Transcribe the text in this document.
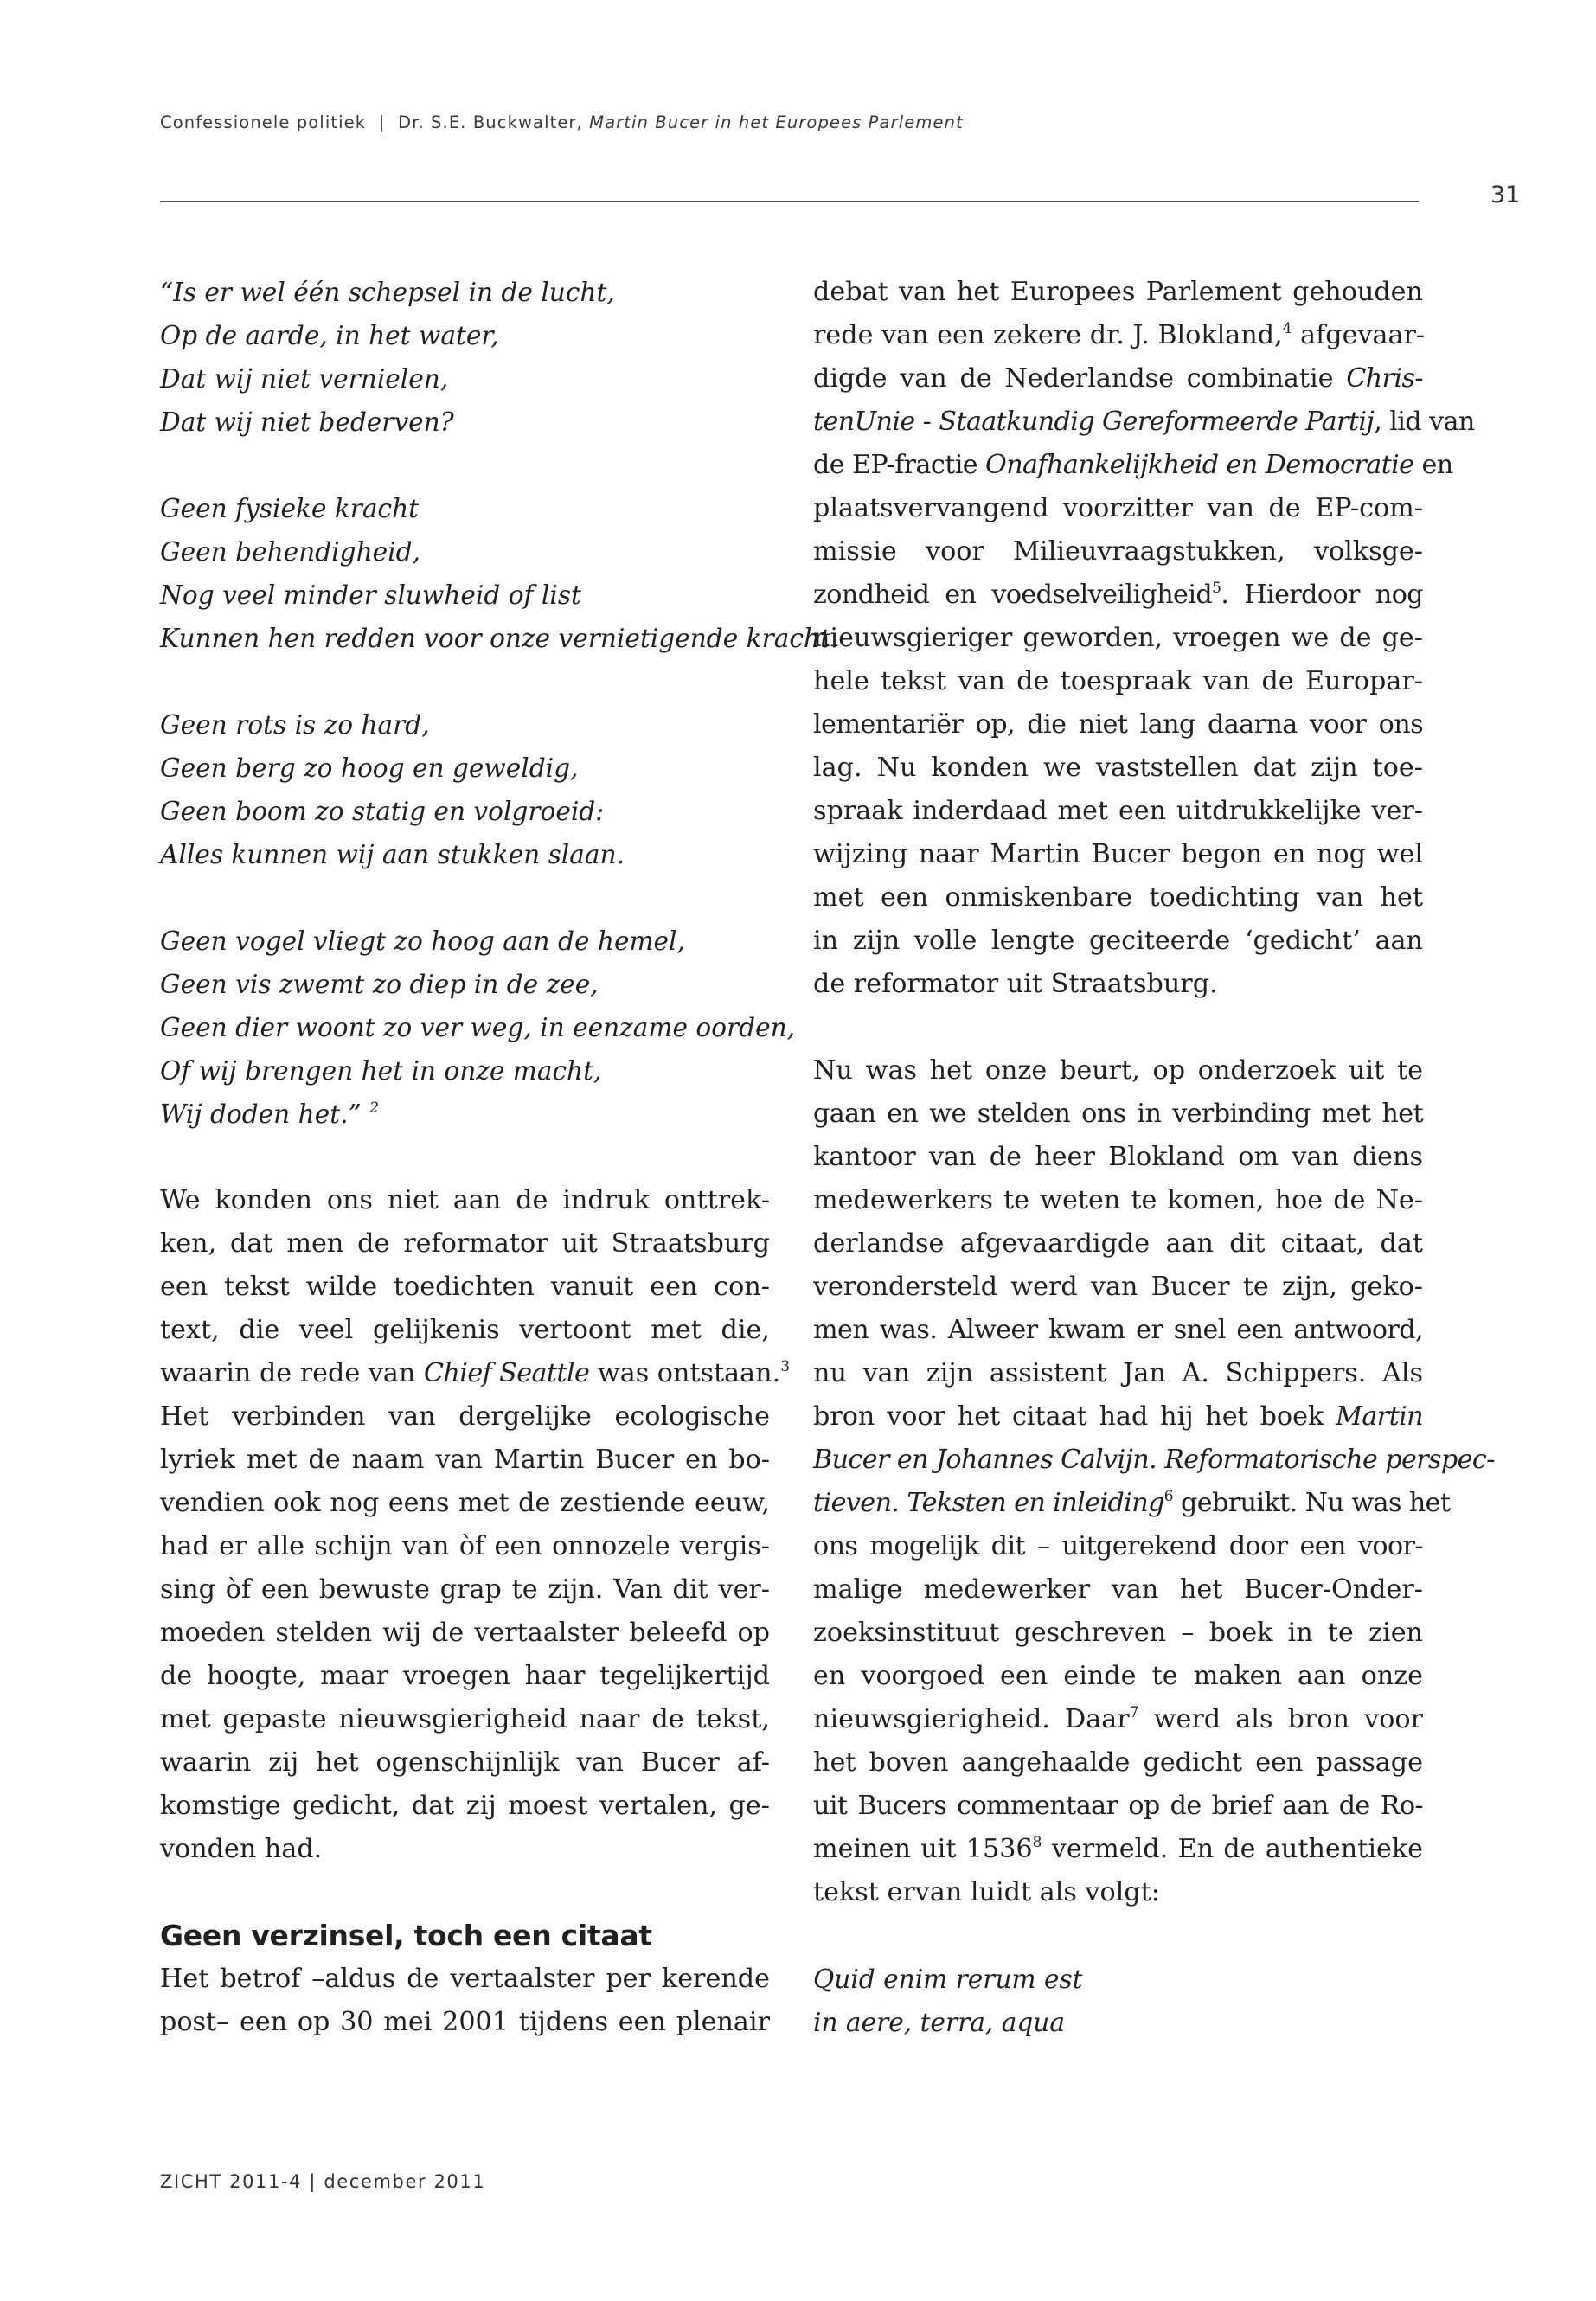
Confessionele politiek | Dr. S.E. Buckwalter, Martin Bucer in het Europees Parlement
31
“Is er wel één schepsel in de lucht,
Op de aarde, in het water,
Dat wij niet vernielen,
Dat wij niet bederven?

Geen fysieke kracht
Geen behendigheid,
Nog veel minder sluwheid of list
Kunnen hen redden voor onze vernietigende kracht.

Geen rots is zo hard,
Geen berg zo hoog en geweldig,
Geen boom zo statig en volgroeid:
Alles kunnen wij aan stukken slaan.

Geen vogel vliegt zo hoog aan de hemel,
Geen vis zwemt zo diep in de zee,
Geen dier woont zo ver weg, in eenzame oorden,
Of wij brengen het in onze macht,
Wij doden het.” $^2$
We konden ons niet aan de indruk onttrek-
ken, dat men de reformator uit Straatsburg
een tekst wilde toedichten vanuit een con-
text, die veel gelijkenis vertoont met die,
waarin de rede van Chief Seattle was ontstaan.$^3$
Het verbinden van dergelijke ecologische
lyriek met de naam van Martin Bucer en bo-
vendien ook nog eens met de zestiende eeuw,
had er alle schijn van òf een onnozele vergis-
sing òf een bewuste grap te zijn. Van dit ver-
moeden stelden wij de vertaalster beleefd op
de hoogte, maar vroegen haar tegelijkertijd
met gepaste nieuwsgierigheid naar de tekst,
waarin zij het ogenschijnlijk van Bucer af-
komstige gedicht, dat zij moest vertalen, ge-
vonden had.
Geen verzinsel, toch een citaat
Het betrof –aldus de vertaalster per kerende
post– een op 30 mei 2001 tijdens een plenair
debat van het Europees Parlement gehouden
rede van een zekere dr. J. Blokland,$^4$ afgevaar-
digde van de Nederlandse combinatie Chris-
tenUnie - Staatkundig Gereformeerde Partij, lid van
de EP-fractie Onafhankelijkheid en Democratie en
plaatsvervangend voorzitter van de EP-com-
missie voor Milieuvraagstukken, volksge-
zondheid en voedselveiligheid$^5$. Hierdoor nog
nieuwsgieriger geworden, vroegen we de ge-
hele tekst van de toespraak van de Europar-
lementariër op, die niet lang daarna voor ons
lag. Nu konden we vaststellen dat zijn toe-
spraak inderdaad met een uitdrukkelijke ver-
wijzing naar Martin Bucer begon en nog wel
met een onmiskenbare toedichting van het
in zijn volle lengte geciteerde ‘gedicht’ aan
de reformator uit Straatsburg.
Nu was het onze beurt, op onderzoek uit te
gaan en we stelden ons in verbinding met het
kantoor van de heer Blokland om van diens
medewerkers te weten te komen, hoe de Ne-
derlandse afgevaardigde aan dit citaat, dat
verondersteld werd van Bucer te zijn, geko-
men was. Alweer kwam er snel een antwoord,
nu van zijn assistent Jan A. Schippers. Als
bron voor het citaat had hij het boek Martin
Bucer en Johannes Calvijn. Reformatorische perspec-
tieven. Teksten en inleiding$^6$ gebruikt. Nu was het
ons mogelijk dit – uitgerekend door een voor-
malige medewerker van het Bucer-Onder-
zoeksinstituut geschreven – boek in te zien
en voorgoed een einde te maken aan onze
nieuwsgierigheid. Daar$^7$ werd als bron voor
het boven aangehaalde gedicht een passage
uit Bucers commentaar op de brief aan de Ro-
meinen uit 1536$^8$ vermeld. En de authentieke
tekst ervan luidt als volgt:
Quid enim rerum est
in aere, terra, aqua
ZICHT 2011-4 | december 2011
